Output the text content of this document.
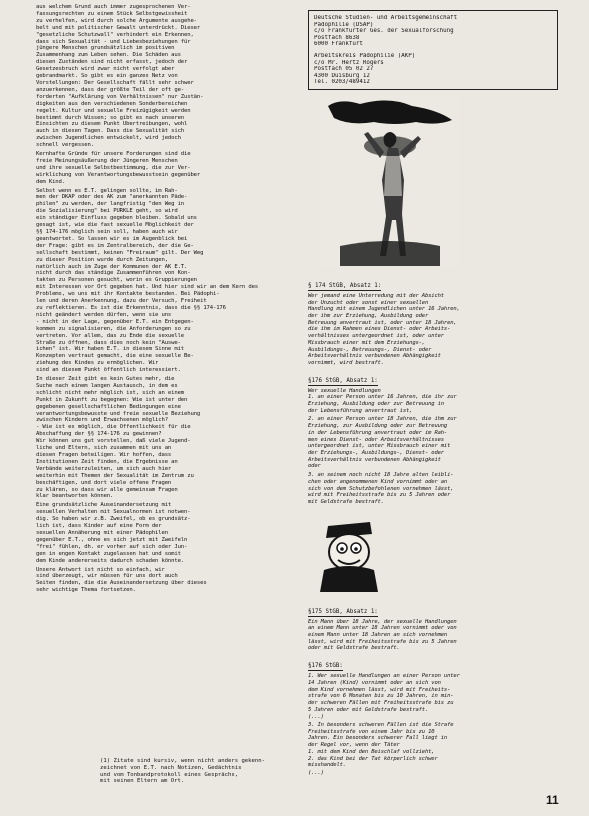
aus welchem Grund auch immer zugesprochenen Ver-
fassungsrechten zu einem Stück Selbstgewissheit
zu verhelfen, wird durch solche Argumente ausgehe-
belt und mit politischer Gewalt unterdrückt. Dieser
"gesetzliche Schutzwall" verhindert ein Erkennen,
dass sich Sexualität - und Liebesbeziehungen für
jüngere Menschen grundsätzlich im positiven
Zusammenhang zum Leben sehen. Die Schäden aus
diesen Zuständen sind nicht erfasst, jedoch der
Gesetzesbruch wird zwar nicht verfolgt aber
gebrandmarkt. So gibt es ein ganzes Netz von
Vorstellungen: Der Gesellschaft fällt sehr schwer
anzuerkennen, dass der größte Teil der oft ge-
forderten "Aufklärung von Verhältnissen" nur Zustän-
digkeiten aus den verschiedenen Sonderbereichen
regelt. Kultur und sexuelle Freizügigkeit werden
bestimmt durch Wissen; so gibt es nach unseren
Einsichten zu diesem Punkt Übertreibungen, wohl
auch in diesen Tagen. Dass die Sexualität sich
zwischen Jugendlichen entwickelt, wird jedoch
schnell vergessen.
Kernhafte Gründe für unsere Forderungen sind die
freie Meinungsäußerung der Jüngeren Menschen
und ihre sexuelle Selbstbestimmung, die zur Ver-
wirklichung von Verantwortungsbewusstsein gegenüber
dem Kind.
Selbst wenn es E.T. gelingen sollte, im Rah-
men der DKAP oder des AK zum "anerkannten Päde-
philen" zu werden, der langfristig "den Weg in
die Sozialisierung" bei PÜRKLE geht, so wird
ein ständiger Einfluss gegeben bleiben. Sobald uns
gesagt ist, wie die fast sexuelle Möglichkeit der
§§ 174-176 möglich sein soll, haben auch wir
geantwortet. So lassen wir es im Augenblick bei
der Frage: gibt es im Zentralbereich, der die Ge-
sellschaft bestimmt, keinen "Freiraum" gilt. Der Weg
zu dieser Position wurde durch Zeitungen,
natürlich auch im Zuge der Kommunen der AK E.T.
nicht durch das ständige Zusammenführen von Kon-
takten zu Personen gesucht, worin es Gruppierungen
mit Interessen vor Ort gegeben hat. Und hier sind wir an dem Kern des
Problems, wo uns mit ihr Kontakte bestanden. Bei Pädophi-
len und deren Anerkennung, dazu der Versuch, Freiheit
zu reflektieren. Es ist die Erkenntnis, dass die §§ 174-176
nicht geändert werden dürfen, wenn sie uns
- nicht in der Lage, gegenüber E.T. ein Entgegen-
kommen zu signalisieren, die Anforderungen so zu
vertreten. Vor allem, das zu Ende die sexuelle
Straße zu öffnen, dass dies noch kein "Auswe-
ichen" ist. Wir haben E.T. in diesem Sinne mit
Konzepten vertraut gemacht, die eine sexuelle Be-
ziehung des Kindes zu ermöglichen. Wir
sind an diesem Punkt öffentlich interessiert.
In dieser Zeit gibt es kein Gutes mehr, die
Suche nach einem langen Austausch, in dem es
schlicht nicht mehr möglich ist, sich an einem
Punkt in Zukunft zu begegnen: Wie ist unter den
gegebenen gesellschaftlichen Bedingungen eine
verantwortungsbewusste und freie sexuelle Beziehung
zwischen Kindern und Erwachsenen möglich?
- Wie ist es möglich, die Öffentlichkeit für die
Abschaffung der §§ 174-176 zu gewinnen?
Wir können uns gut vorstellen, daß viele Jugend-
liche und Eltern, sich zusammen mit uns an
diesen Fragen beteiligen. Wir hoffen, dass
Institutionen Zeit finden, die Ergebnisse an
Verbände weiterzuleiten, um sich auch hier
weiterhin mit Themen der Sexualität im Zentrum zu
beschäftigen, und dort viele offene Fragen
zu klären, so dass wir alle gemeinsam Fragen
klar beantworten können.
Eine grundsätzliche Auseinandersetzung mit
sexuellen Verhalten mit Sexualnormen ist notwen-
dig. So haben wir z.B. Zweifel, ob es grundsätz-
lich ist, dass Kinder auf eine Form der
sexuellen Annäherung mit einer Pädophilen
gegenüber E.T., ohne es sich jetzt mit Zweifeln
"frei" fühlen, dh. er vorher auf sich oder Jun-
gen in engen Kontakt zugelassen hat und somit
dem Kinde andererseits dadurch schaden könnte.
Unsere Antwort ist nicht so einfach, wir
sind überzeugt, wir müssen für uns dort auch
Seiten finden, die die Auseinandersetzung über dieses
sehr wichtige Thema fortsetzen.
Deutsche Studien- und Arbeitsgemeinschaft
Pädophilie (DSAP)
c/o Frankfurter Ges. der Sexualforschung
Postfach 8638
6000 Frankfurt
Arbeitskreis Pädophilie (AKP)
c/o Mr. Hertz Rogers
Postfach 05 02 27
4300 Duisburg 12
Tel. 0203/489412
§ 174 StGB, Absatz 1:
Wer jemand eine Unterredung mit der Absicht
der Unzucht oder sonst einer sexuellen
Handlung mit einem Jugendlichen unter 16 Jahren,
der ihm zur Erziehung, Ausbildung oder
Betreuung anvertraut ist, oder unter 18 Jahren,
die ihm im Rahmen eines Dienst- oder Arbeits-
verhältnisses untergeordnet ist, oder unter
Missbrauch einer mit dem Erziehungs-,
Ausbildungs-, Betreuungs-, Dienst- oder
Arbeitsverhältnis verbundenen Abhängigkeit
vornimmt, wird bestraft.
§176 StGB, Absatz 1:
Wer sexuelle Handlungen
1. an einer Person unter 16 Jahren, die ihr zur
Erziehung, Ausbildung oder zur Betreuung in
der Lebensführung anvertraut ist,
2. an einer Person unter 18 Jahren, die ihm zur
Erziehung, zur Ausbildung oder zur Betreuung
in der Lebensführung anvertraut oder im Rah-
men eines Dienst- oder Arbeitsverhältnisses
untergeordnet ist, unter Missbrauch einer mit
der Erziehungs-, Ausbildungs-, Dienst- oder
Arbeitsverhältnis verbundenen Abhängigkeit
oder
3. an seinem noch nicht 18 Jahre alten leibli-
chen oder angenommenen Kind vornimmt oder an
sich von dem Schutzbefohlenen vornehmen lässt,
wird mit Freiheitsstrafe bis zu 5 Jahren oder
mit Geldstrafe bestraft.
§175 StGB, Absatz 1:
Ein Mann über 18 Jahre, der sexuelle Handlungen
an einem Mann unter 18 Jahren vornimmt oder von
einem Mann unter 18 Jahren an sich vornehmen
lässt, wird mit Freiheitsstrafe bis zu 5 Jahren
oder mit Geldstrafe bestraft.
§176 StGB:
1. Wer sexuelle Handlungen an einer Person unter
14 Jahren (Kind) vornimmt oder an sich von
dem Kind vornehmen lässt, wird mit Freiheits-
strafe von 6 Monaten bis zu 10 Jahren, in min-
der schweren Fällen mit Freiheitsstrafe bis zu
5 Jahren oder mit Geldstrafe bestraft.
(...)
3. In besonders schweren Fällen ist die Strafe
Freiheitsstrafe von einem Jahr bis zu 10
Jahren. Ein besonders schwerer Fall liegt in
der Regel vor, wenn der Täter
1. mit dem Kind den Beischlaf vollzieht,
2. das Kind bei der Tat körperlich schwer
misshandelt.
(...)
(1) Zitate sind kursiv, wenn nicht anders gekenn-
zeichnet von E.T. nach Notizen, Gedächtnis
und vom Tonbandprotokoll eines Gesprächs,
mit seinen Eltern am Ort.
11
